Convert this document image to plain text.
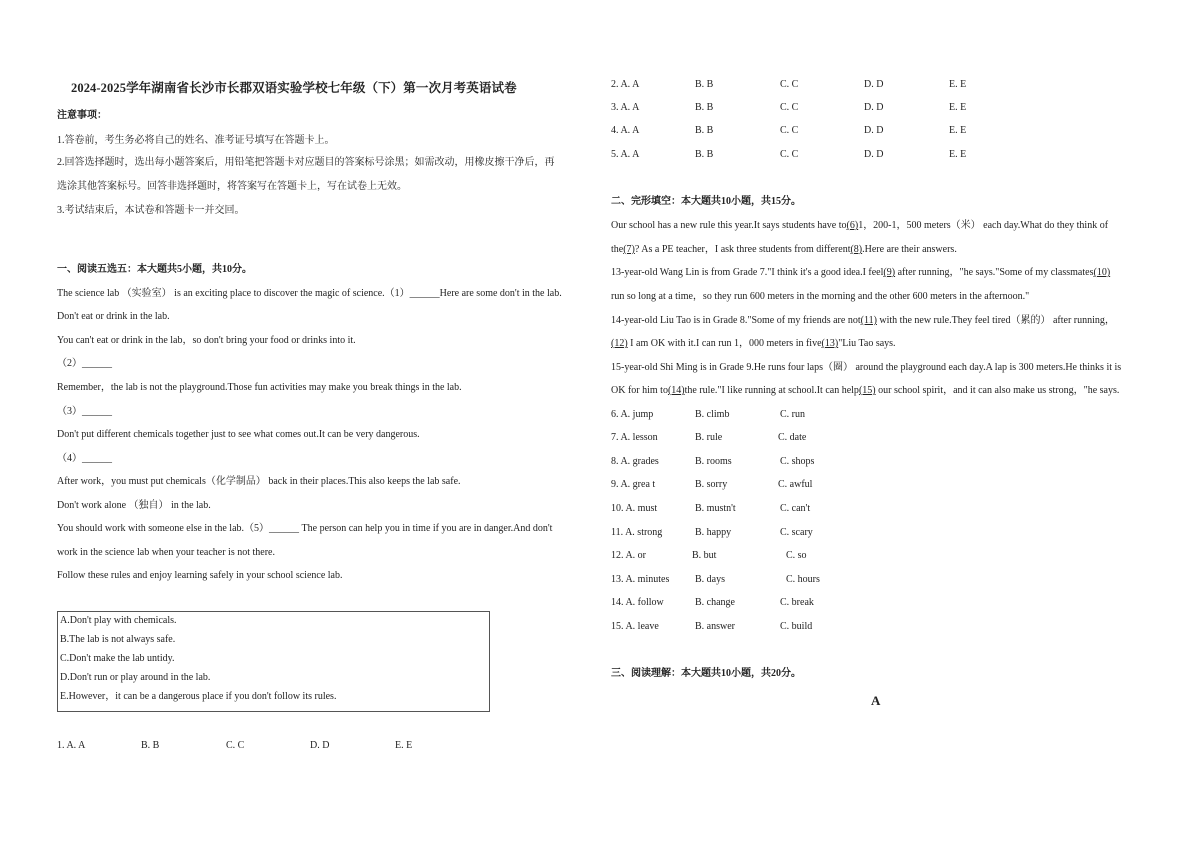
2024-2025学年湖南省长沙市长郡双语实验学校七年级（下）第一次月考英语试卷
注意事项：
1.答卷前，考生务必将自己的姓名、准考证号填写在答题卡上。
2.回答选择题时，选出每小题答案后，用铅笔把答题卡对应题目的答案标号涂黑；如需改动，用橡皮擦干净后，再
选涂其他答案标号。回答非选择题时，将答案写在答题卡上，写在试卷上无效。
3.考试结束后，本试卷和答题卡一并交回。
一、阅读五选五：本大题共5小题，共10分。
The science lab （实验室） is an exciting place to discover the magic of science.（1）______Here are some don't in the lab.
Don't eat or drink in the lab.
You can't eat or drink in the lab，so don't bring your food or drinks into it.
（2）______
Remember，the lab is not the playground.Those fun activities may make you break things in the lab.
（3）______
Don't put different chemicals together just to see what comes out.It can be very dangerous.
（4）______
After work，you must put chemicals（化学制品） back in their places.This also keeps the lab safe.
Don't work alone （独自） in the lab.
You should work with someone else in the lab.（5）______ The person can help you in time if you are in danger.And don't
work in the science lab when your teacher is not there.
Follow these rules and enjoy learning safely in your school science lab.
A.Don't play with chemicals.
B.The lab is not always safe.
C.Don't make the lab untidy.
D.Don't run or play around in the lab.
E.However，it can be a dangerous place if you don't follow its rules.
1. A. A	B. B	C. C	D. D	E. E
2. A. A	B. B	C. C	D. D	E. E
3. A. A	B. B	C. C	D. D	E. E
4. A. A	B. B	C. C	D. D	E. E
5. A. A	B. B	C. C	D. D	E. E
二、完形填空：本大题共10小题，共15分。
Our school has a new rule this year.It says students have to(6)1，200-1，500 meters（米） each day.What do they think of
the(7)? As a PE teacher，I ask three students from different(8).Here are their answers.
13-year-old Wang Lin is from Grade 7."I think it's a good idea.I feel(9) after running，"he says."Some of my classmates(10)
run so long at a time，so they run 600 meters in the morning and the other 600 meters in the afternoon."
14-year-old Liu Tao is in Grade 8."Some of my friends are not(11) with the new rule.They feel tired（累的） after running，
(12) I am OK with it.I can run 1，000 meters in five(13)"Liu Tao says.
15-year-old Shi Ming is in Grade 9.He runs four laps（圈） around the playground each day.A lap is 300 meters.He thinks it is
OK for him to(14)the rule."I like running at school.It can help(15) our school spirit，and it can also make us strong，"he says.
6. A. jump	B. climb	C. run
7. A. lesson	B. rule	C. date
8. A. grades	B. rooms	C. shops
9. A. grea t	B. sorry	C. awful
10. A. must	B. mustn't	C. can't
11. A. strong	B. happy	C. scary
12. A. or	B. but	C. so
13. A. minutes	B. days	C. hours
14. A. follow	B. change	C. break
15. A. leave	B. answer	C. build
三、阅读理解：本大题共10小题，共20分。
A
